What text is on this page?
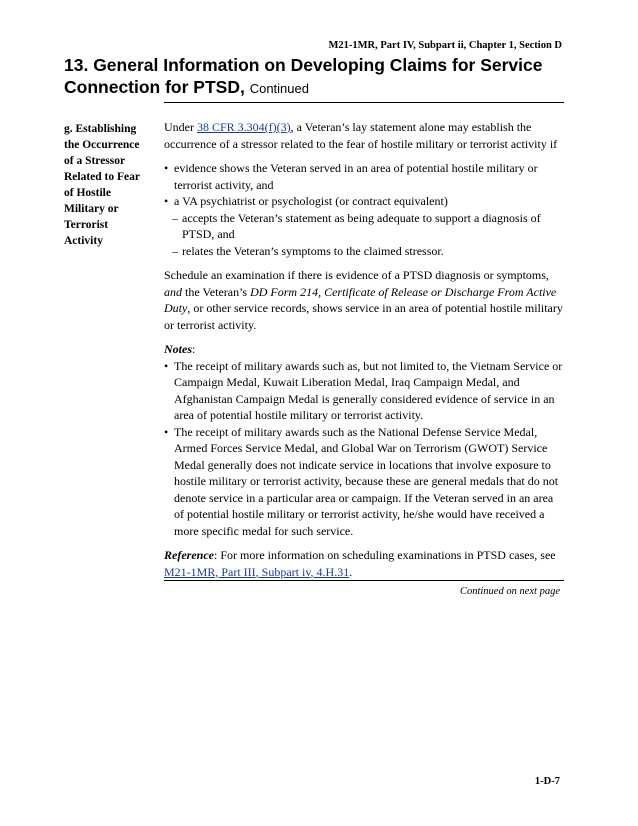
M21-1MR, Part IV, Subpart ii, Chapter 1, Section D
13. General Information on Developing Claims for Service Connection for PTSD, Continued
g. Establishing
the Occurrence
of a Stressor
Related to Fear
of Hostile
Military or
Terrorist
Activity

Under 38 CFR 3.304(f)(3), a Veteran’s lay statement alone may establish the occurrence of a stressor related to the fear of hostile military or terrorist activity if

• evidence shows the Veteran served in an area of potential hostile military or terrorist activity, and

• a VA psychiatrist or psychologist (or contract equivalent)

– accepts the Veteran’s statement as being adequate to support a diagnosis of PTSD, and

– relates the Veteran’s symptoms to the claimed stressor.

Schedule an examination if there is evidence of a PTSD diagnosis or symptoms, and the Veteran’s DD Form 214, Certificate of Release or Discharge From Active Duty, or other service records, shows service in an area of potential hostile military or terrorist activity.

Notes:

• The receipt of military awards such as, but not limited to, the Vietnam Service or Campaign Medal, Kuwait Liberation Medal, Iraq Campaign Medal, and Afghanistan Campaign Medal is generally considered evidence of service in an area of potential hostile military or terrorist activity.

• The receipt of military awards such as the National Defense Service Medal, Armed Forces Service Medal, and Global War on Terrorism (GWOT) Service Medal generally does not indicate service in locations that involve exposure to hostile military or terrorist activity, because these are general medals that do not denote service in a particular area or campaign. If the Veteran served in an area of potential hostile military or terrorist activity, he/she would have received a more specific medal for such service.

Reference: For more information on scheduling examinations in PTSD cases, see M21-1MR, Part III, Subpart iv, 4.H.31.

Continued on next page
1-D-7
